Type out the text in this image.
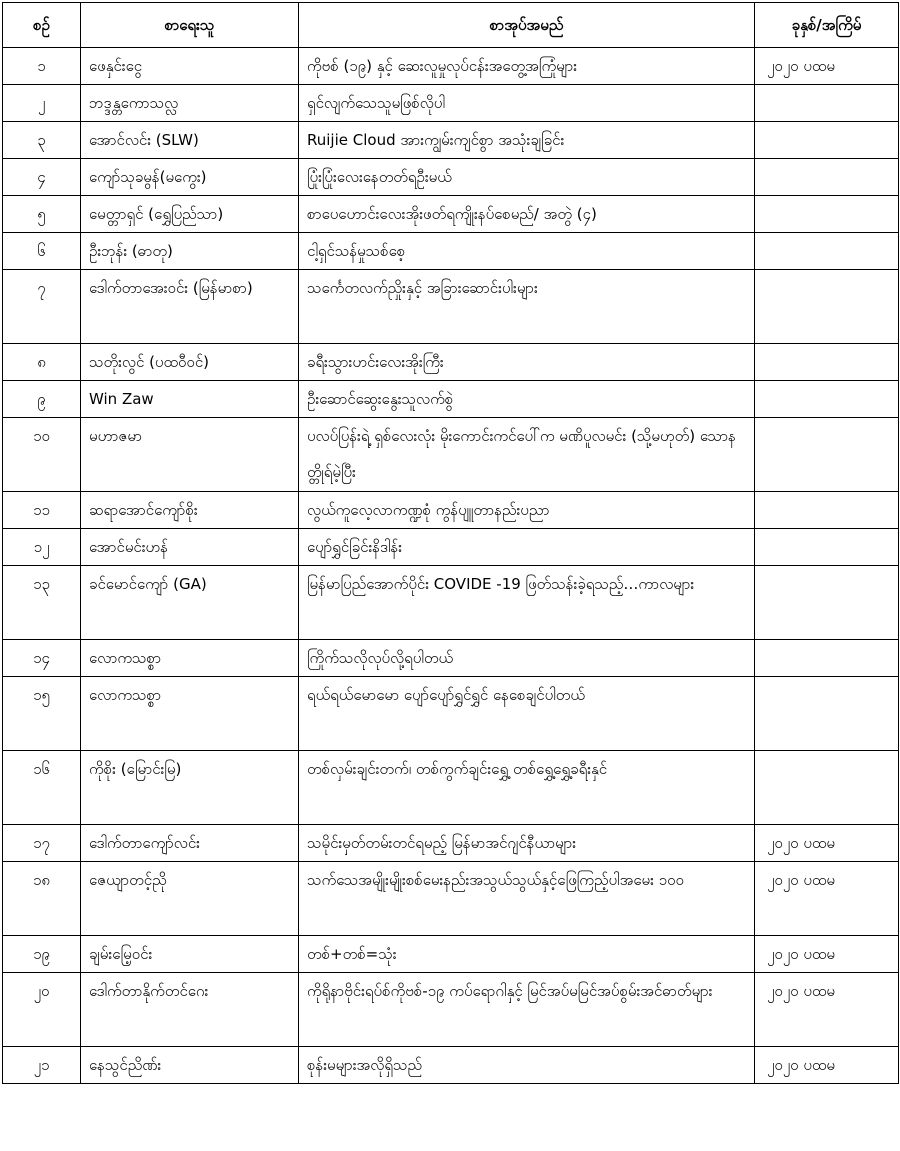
စဉ်	စာရေးသူ	စာအုပ်အမည်	ခုနှစ်/အကြိမ်
၁	ဖေနှင်းငွေ	ကိုဗစ် (၁၉) နှင့် ဆေးလူမှုလုပ်ငန်းအတွေ့အကြုံများ	၂၀၂၀ ပထမ
၂	ဘဒ္ဒန္တကောသလ္လ	ရှင်လျက်သေသူမဖြစ်လိုပါ	
၃	အောင်လင်း (SLW)	Ruijie Cloud အားကျွမ်းကျင်စွာ အသုံးချခြင်း	
၄	ကျော်သုခမွန်(မကွေး)	ပြုံးပြုံးလေးနေတတ်ရဦးမယ်	
၅	မေတ္တာရှင် (ရွှေပြည်သာ)	စာပေဟောင်းလေးအိုးဖတ်ရကျိုးနပ်စေမည်/ အတွဲ (၄)	
၆	ဦးဘုန်း (ဓာတု)	ငါ့ရှင်သန်မှုသစ်စေ့	
၇	ဒေါက်တာအေးဝင်း (မြန်မာစာ)	သင်္ကေတလက်ညှိုးနှင့် အခြားဆောင်းပါးများ	
၈	သတိုးလွင် (ပထဝီဝင်)	ခရီးသွားဟင်းလေးအိုးကြီး	
၉	Win Zaw	ဦးဆောင်ဆွေးနွေးသူလက်စွဲ	
၁၀	မဟာဇမာ	ပလပ်ပြန်းရဲ့ ရှစ်လေးလုံး မိုးကောင်းကင်ပေါ်က မဏိပူလမင်း (သို့မဟုတ်) သောနတ္တိုရ်မဲ့ပြီး	
၁၁	ဆရာအောင်ကျော်စိုး	လွယ်ကူလေ့လာကဏ္ဍစုံ ကွန်ပျူတာနည်းပညာ	
၁၂	အောင်မင်းဟန်	ပျော်ရွှင်ခြင်းနိဒါန်း	
၁၃	ခင်မောင်ကျော် (GA)	မြန်မာပြည်အောက်ပိုင်း COVIDE -19 ဖြတ်သန်းခဲ့ရသည့်…ကာလများ	
၁၄	လောကသစ္စာ	ကြိုက်သလိုလုပ်လို့ရပါတယ်	
၁၅	လောကသစ္စာ	ရယ်ရယ်မောမော ပျော်ပျော်ရွှင်ရွှင် နေစေချင်ပါတယ်	
၁၆	ကိုစိုး (မြောင်းမြ)	တစ်လှမ်းချင်းတက်၊ တစ်ကွက်ချင်းရွှေ့ တစ်ရွှေ့ရွှေ့ခရီးနှင်	
၁၇	ဒေါက်တာကျော်လင်း	သမိုင်းမှတ်တမ်းတင်ရမည့် မြန်မာအင်ဂျင်နီယာများ	၂၀၂၀ ပထမ
၁၈	ဇေယျာတင့်ညို	သက်သေအမျိုးမျိုးစစ်မေးနည်းအသွယ်သွယ်နှင့်ဖြေကြည့်ပါအမေး ၁၀၀	၂၀၂၀ ပထမ
၁၉	ချမ်းမြေ့ဝင်း	တစ်+တစ်=သုံး	၂၀၂၀ ပထမ
၂၀	ဒေါက်တာနိုက်တင်ဂေး	ကိုရိုနာဗိုင်းရပ်စ်ကိုဗစ်-၁၉ ကပ်ရောဂါနှင့် မြင်အပ်မမြင်အပ်စွမ်းအင်ဓာတ်များ	၂၀၂၀ ပထမ
၂၁	နေသွင်ညိဏ်း	စုန်းမများအလိုရှိသည်	၂၀၂၀ ပထမ
